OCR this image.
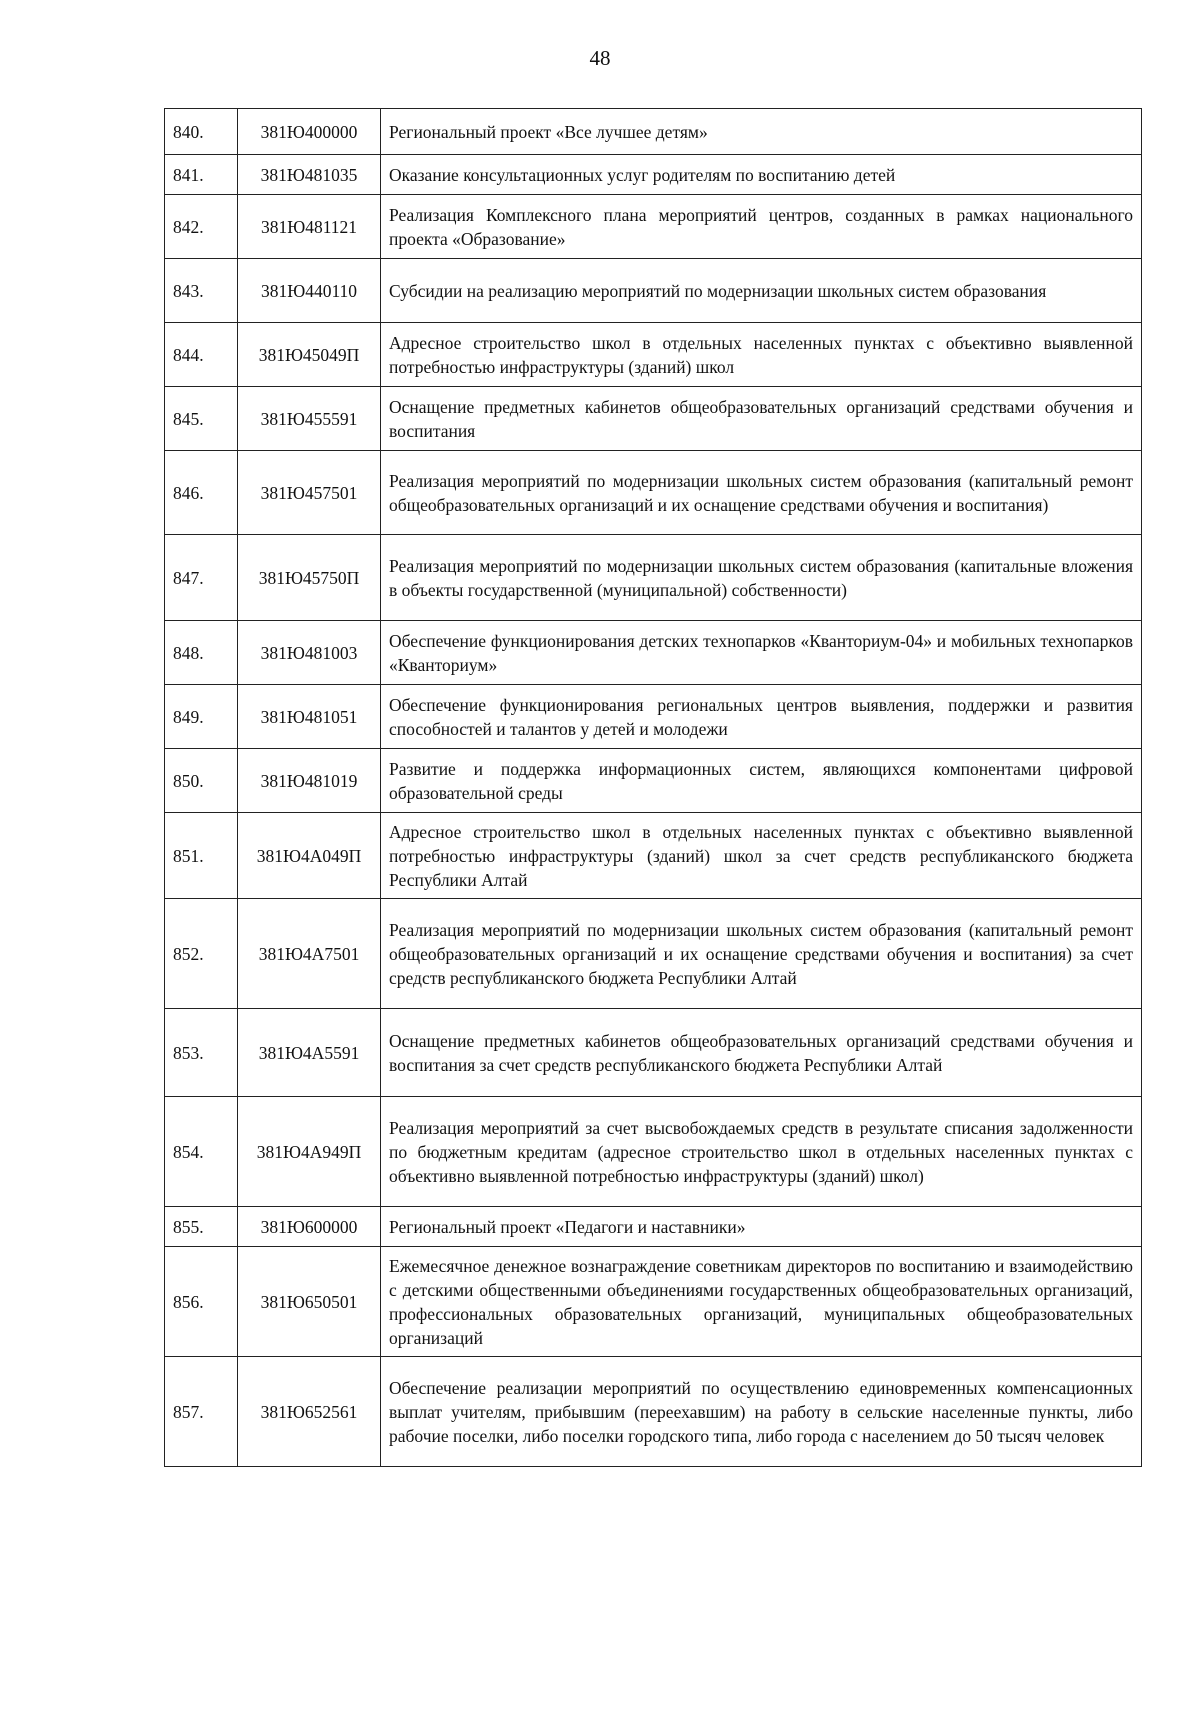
48

840.	381Ю400000	Региональный проект «Все лучшее детям»
841.	381Ю481035	Оказание консультационных услуг родителям по воспитанию детей
842.	381Ю481121	Реализация Комплексного плана мероприятий центров, созданных в рамках национального проекта «Образование»
843.	381Ю440110	Субсидии на реализацию мероприятий по модернизации школьных систем образования
844.	381Ю45049П	Адресное строительство школ в отдельных населенных пунктах с объективно выявленной потребностью инфраструктуры (зданий) школ
845.	381Ю455591	Оснащение предметных кабинетов общеобразовательных организаций средствами обучения и воспитания
846.	381Ю457501	Реализация мероприятий по модернизации школьных систем образования (капитальный ремонт общеобразовательных организаций и их оснащение средствами обучения и воспитания)
847.	381Ю45750П	Реализация мероприятий по модернизации школьных систем образования (капитальные вложения в объекты государственной (муниципальной) собственности)
848.	381Ю481003	Обеспечение функционирования детских технопарков «Кванториум-04» и мобильных технопарков «Кванториум»
849.	381Ю481051	Обеспечение функционирования региональных центров выявления, поддержки и развития способностей и талантов у детей и молодежи
850.	381Ю481019	Развитие и поддержка информационных систем, являющихся компонентами цифровой образовательной среды
851.	381Ю4А049П	Адресное строительство школ в отдельных населенных пунктах с объективно выявленной потребностью инфраструктуры (зданий) школ за счет средств республиканского бюджета Республики Алтай
852.	381Ю4А7501	Реализация мероприятий по модернизации школьных систем образования (капитальный ремонт общеобразовательных организаций и их оснащение средствами обучения и воспитания) за счет средств республиканского бюджета Республики Алтай
853.	381Ю4А5591	Оснащение предметных кабинетов общеобразовательных организаций средствами обучения и воспитания за счет средств республиканского бюджета Республики Алтай
854.	381Ю4А949П	Реализация мероприятий за счет высвобождаемых средств в результате списания задолженности по бюджетным кредитам (адресное строительство школ в отдельных населенных пунктах с объективно выявленной потребностью инфраструктуры (зданий) школ)
855.	381Ю600000	Региональный проект «Педагоги и наставники»
856.	381Ю650501	Ежемесячное денежное вознаграждение советникам директоров по воспитанию и взаимодействию с детскими общественными объединениями государственных общеобразовательных организаций, профессиональных образовательных организаций, муниципальных общеобразовательных организаций
857.	381Ю652561	Обеспечение реализации мероприятий по осуществлению единовременных компенсационных выплат учителям, прибывшим (переехавшим) на работу в сельские населенные пункты, либо рабочие поселки, либо поселки городского типа, либо города с населением до 50 тысяч человек
